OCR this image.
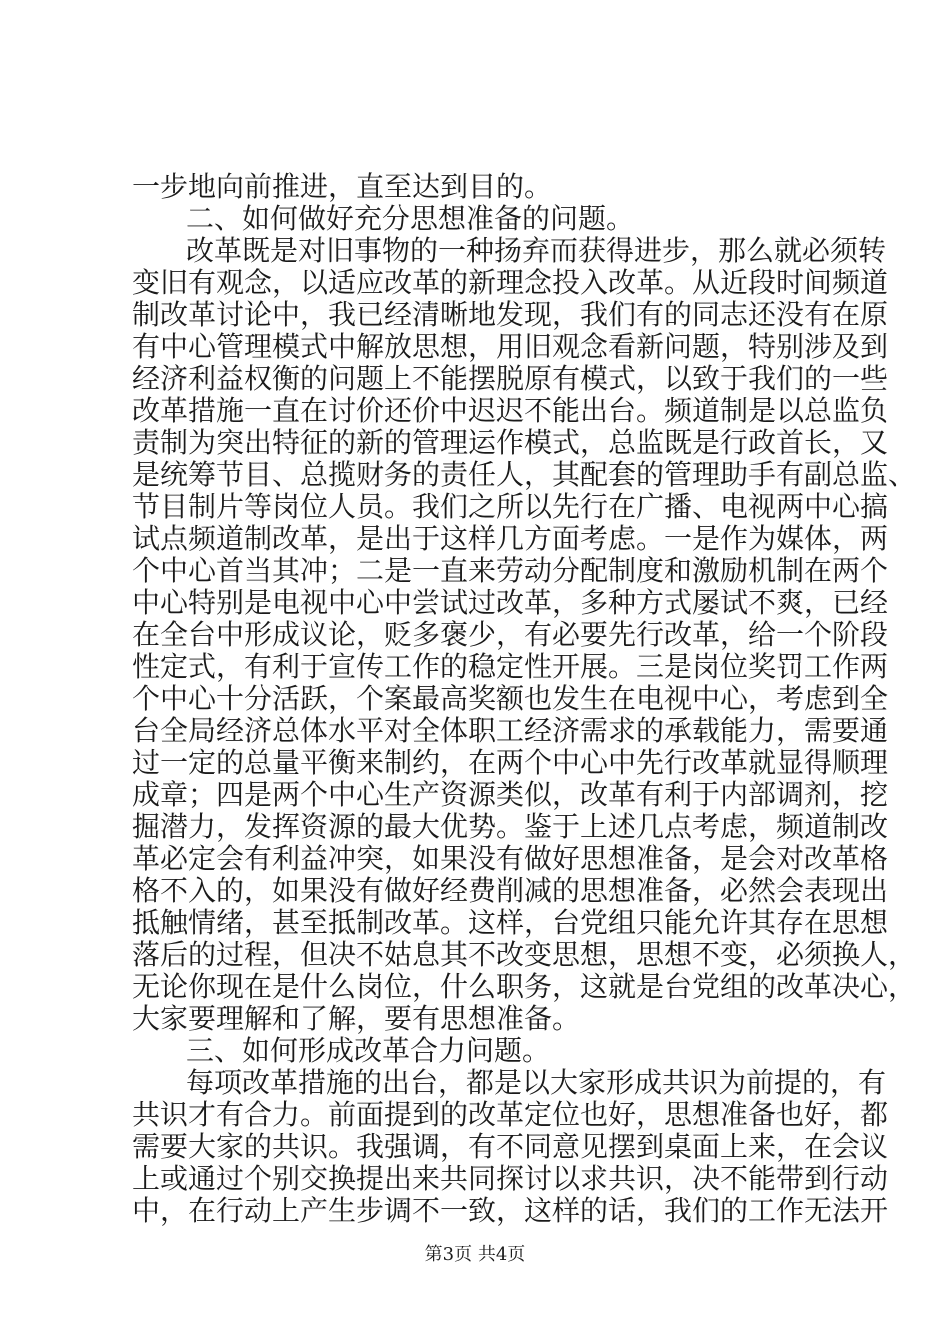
一步地向前推进，直至达到目的。
二、如何做好充分思想准备的问题。
改革既是对旧事物的一种扬弃而获得进步，那么就必须转
变旧有观念，以适应改革的新理念投入改革。从近段时间频道
制改革讨论中，我已经清晰地发现，我们有的同志还没有在原
有中心管理模式中解放思想，用旧观念看新问题，特别涉及到
经济利益权衡的问题上不能摆脱原有模式，以致于我们的一些
改革措施一直在讨价还价中迟迟不能出台。频道制是以总监负
责制为突出特征的新的管理运作模式，总监既是行政首长，又
是统筹节目、总揽财务的责任人，其配套的管理助手有副总监、
节目制片等岗位人员。我们之所以先行在广播、电视两中心搞
试点频道制改革，是出于这样几方面考虑。一是作为媒体，两
个中心首当其冲；二是一直来劳动分配制度和激励机制在两个
中心特别是电视中心中尝试过改革，多种方式屡试不爽，已经
在全台中形成议论，贬多褒少，有必要先行改革，给一个阶段
性定式，有利于宣传工作的稳定性开展。三是岗位奖罚工作两
个中心十分活跃，个案最高奖额也发生在电视中心，考虑到全
台全局经济总体水平对全体职工经济需求的承载能力，需要通
过一定的总量平衡来制约，在两个中心中先行改革就显得顺理
成章；四是两个中心生产资源类似，改革有利于内部调剂，挖
掘潜力，发挥资源的最大优势。鉴于上述几点考虑，频道制改
革必定会有利益冲突，如果没有做好思想准备，是会对改革格
格不入的，如果没有做好经费削减的思想准备，必然会表现出
抵触情绪，甚至抵制改革。这样，台党组只能允许其存在思想
落后的过程，但决不姑息其不改变思想，思想不变，必须换人，
无论你现在是什么岗位，什么职务，这就是台党组的改革决心，
大家要理解和了解，要有思想准备。
三、如何形成改革合力问题。
每项改革措施的出台，都是以大家形成共识为前提的，有
共识才有合力。前面提到的改革定位也好，思想准备也好，都
需要大家的共识。我强调，有不同意见摆到桌面上来，在会议
上或通过个别交换提出来共同探讨以求共识，决不能带到行动
中，在行动上产生步调不一致，这样的话，我们的工作无法开
第3页 共4页
